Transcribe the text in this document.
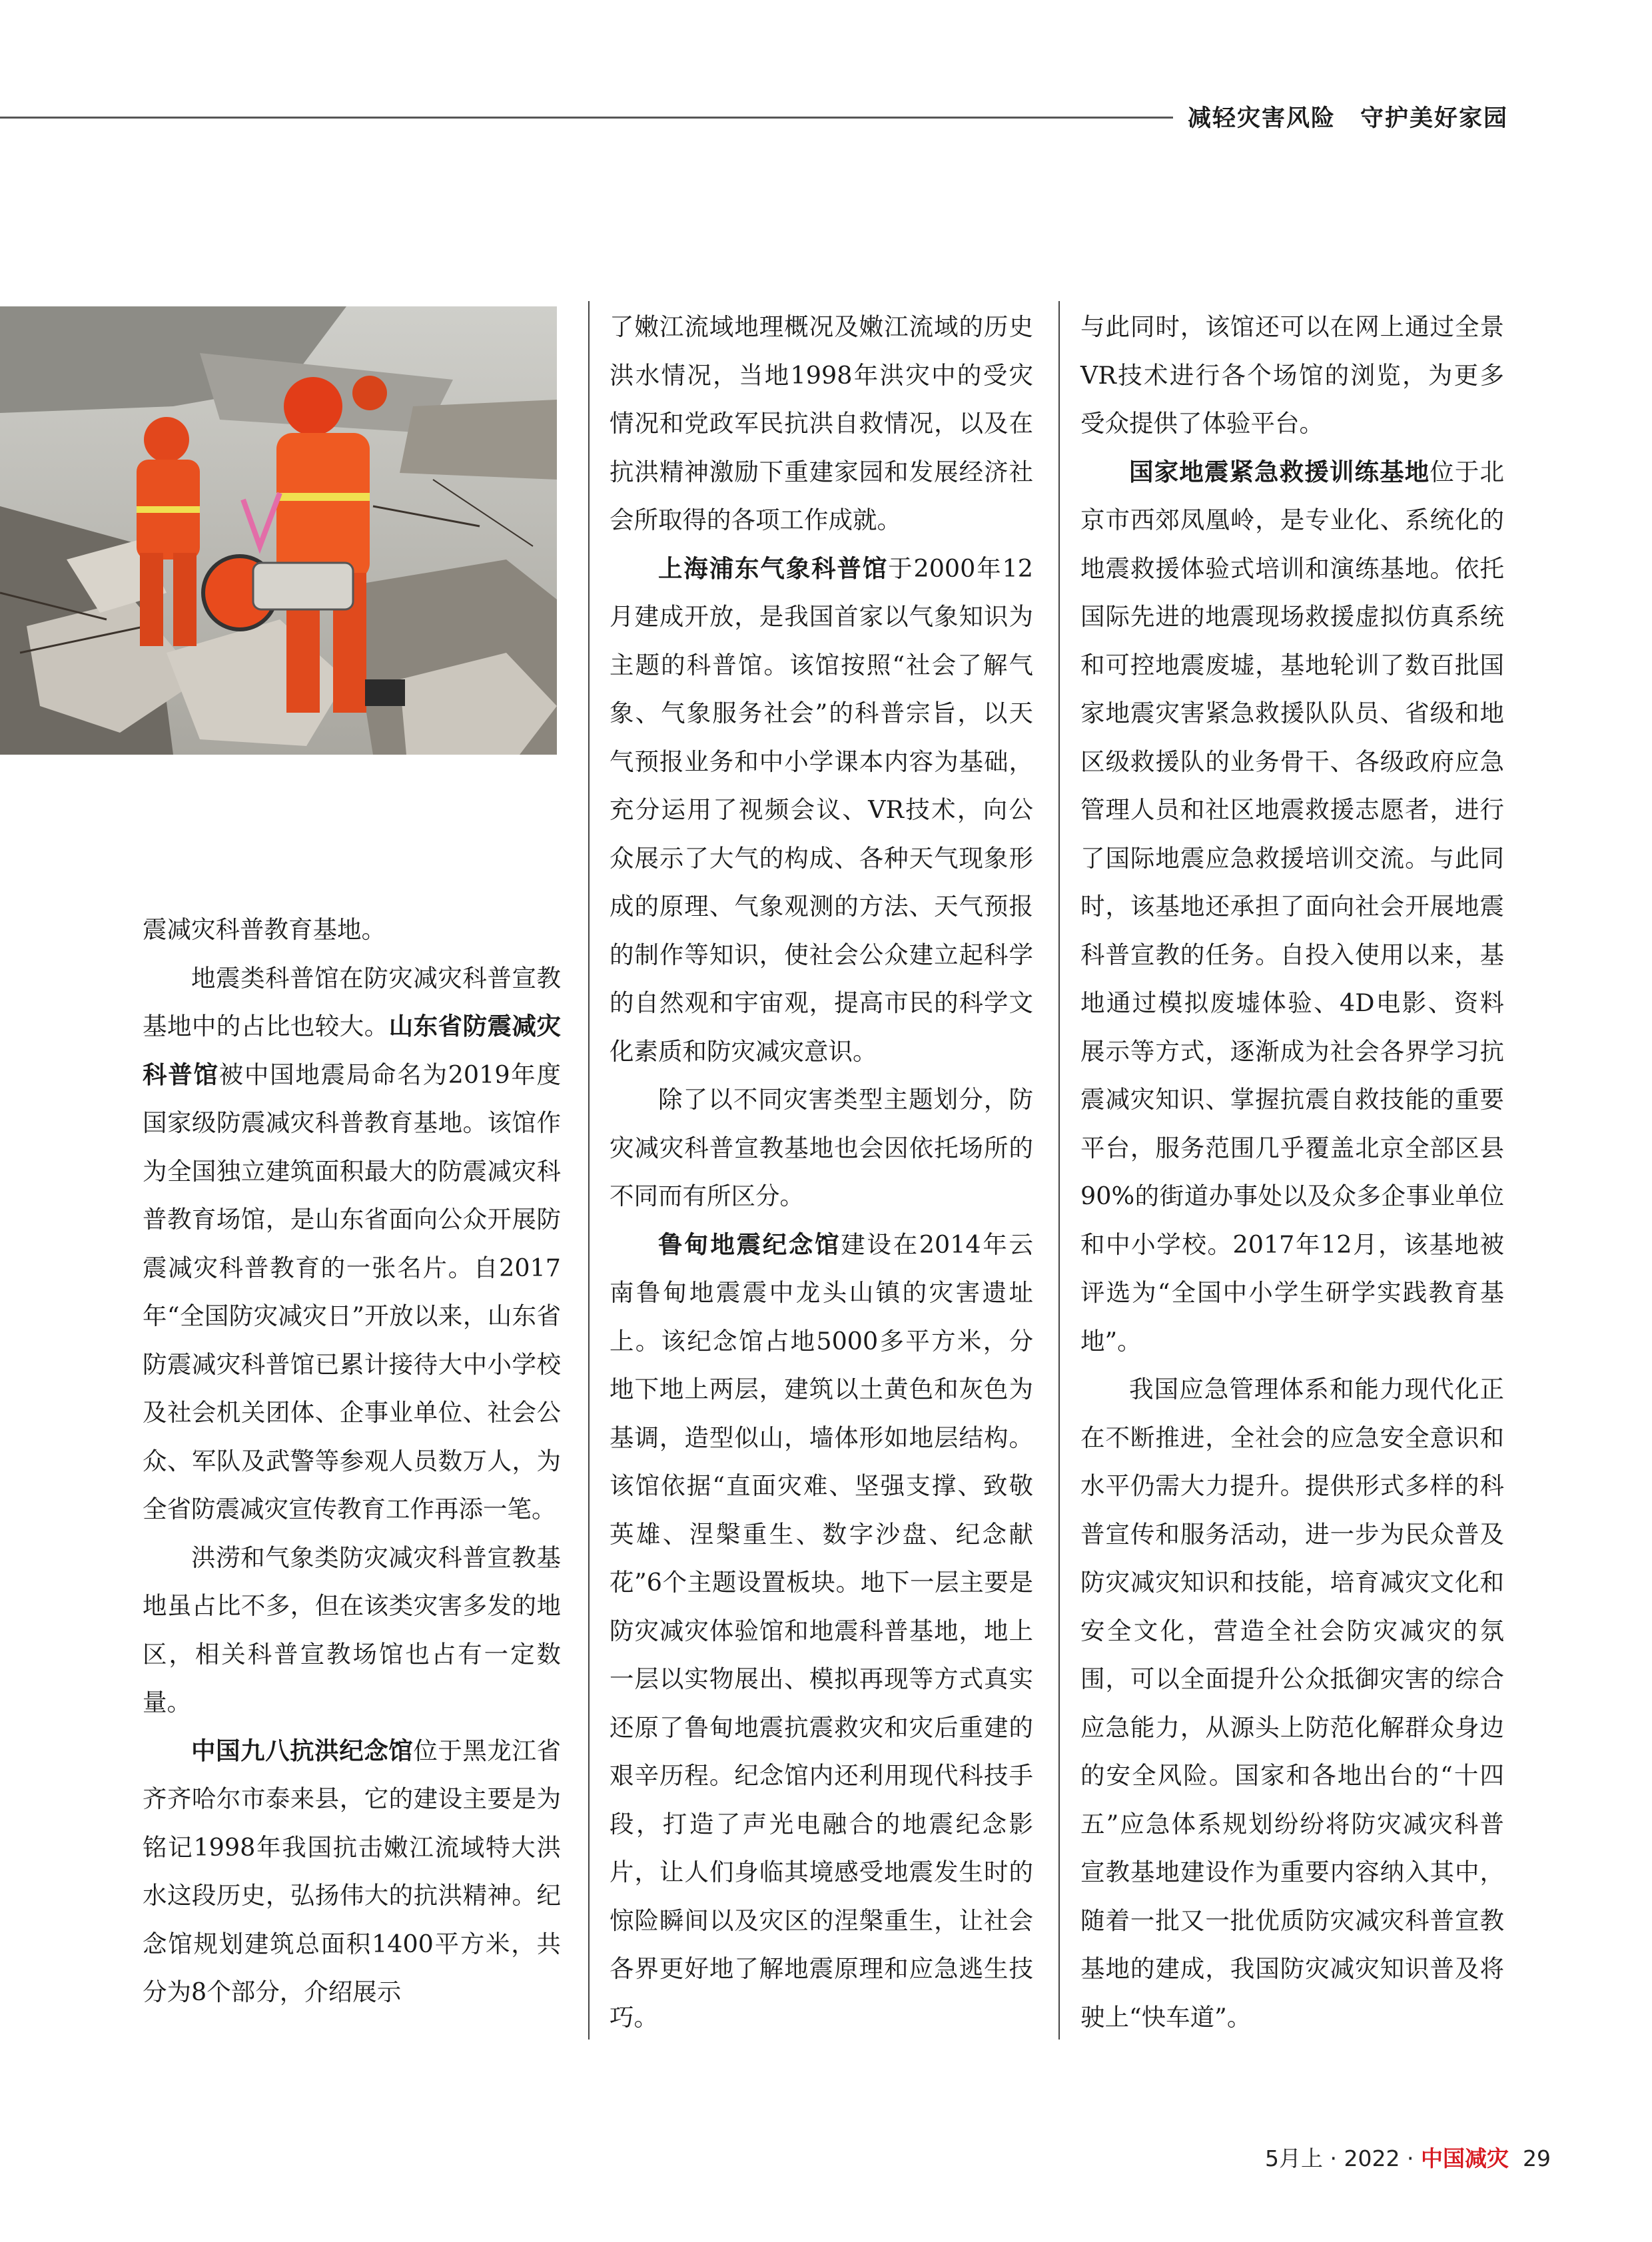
减轻灾害风险　守护美好家园

震减灾科普教育基地。

地震类科普馆在防灾减灾科普宣教基地中的占比也较大。山东省防震减灾科普馆被中国地震局命名为2019年度国家级防震减灾科普教育基地。该馆作为全国独立建筑面积最大的防震减灾科普教育场馆，是山东省面向公众开展防震减灾科普教育的一张名片。自2017年“全国防灾减灾日”开放以来，山东省防震减灾科普馆已累计接待大中小学校及社会机关团体、企事业单位、社会公众、军队及武警等参观人员数万人，为全省防震减灾宣传教育工作再添一笔。

洪涝和气象类防灾减灾科普宣教基地虽占比不多，但在该类灾害多发的地区，相关科普宣教场馆也占有一定数量。

中国九八抗洪纪念馆位于黑龙江省齐齐哈尔市泰来县，它的建设主要是为铭记1998年我国抗击嫩江流域特大洪水这段历史，弘扬伟大的抗洪精神。纪念馆规划建筑总面积1400平方米，共分为8个部分，介绍展示

了嫩江流域地理概况及嫩江流域的历史洪水情况，当地1998年洪灾中的受灾情况和党政军民抗洪自救情况，以及在抗洪精神激励下重建家园和发展经济社会所取得的各项工作成就。

上海浦东气象科普馆于2000年12月建成开放，是我国首家以气象知识为主题的科普馆。该馆按照“社会了解气象、气象服务社会”的科普宗旨，以天气预报业务和中小学课本内容为基础，充分运用了视频会议、VR技术，向公众展示了大气的构成、各种天气现象形成的原理、气象观测的方法、天气预报的制作等知识，使社会公众建立起科学的自然观和宇宙观，提高市民的科学文化素质和防灾减灾意识。

除了以不同灾害类型主题划分，防灾减灾科普宣教基地也会因依托场所的不同而有所区分。

鲁甸地震纪念馆建设在2014年云南鲁甸地震震中龙头山镇的灾害遗址上。该纪念馆占地5000多平方米，分地下地上两层，建筑以土黄色和灰色为基调，造型似山，墙体形如地层结构。该馆依据“直面灾难、坚强支撑、致敬英雄、涅槃重生、数字沙盘、纪念献花”6个主题设置板块。地下一层主要是防灾减灾体验馆和地震科普基地，地上一层以实物展出、模拟再现等方式真实还原了鲁甸地震抗震救灾和灾后重建的艰辛历程。纪念馆内还利用现代科技手段，打造了声光电融合的地震纪念影片，让人们身临其境感受地震发生时的惊险瞬间以及灾区的涅槃重生，让社会各界更好地了解地震原理和应急逃生技巧。

与此同时，该馆还可以在网上通过全景VR技术进行各个场馆的浏览，为更多受众提供了体验平台。

国家地震紧急救援训练基地位于北京市西郊凤凰岭，是专业化、系统化的地震救援体验式培训和演练基地。依托国际先进的地震现场救援虚拟仿真系统和可控地震废墟，基地轮训了数百批国家地震灾害紧急救援队队员、省级和地区级救援队的业务骨干、各级政府应急管理人员和社区地震救援志愿者，进行了国际地震应急救援培训交流。与此同时，该基地还承担了面向社会开展地震科普宣教的任务。自投入使用以来，基地通过模拟废墟体验、4D电影、资料展示等方式，逐渐成为社会各界学习抗震减灾知识、掌握抗震自救技能的重要平台，服务范围几乎覆盖北京全部区县90%的街道办事处以及众多企事业单位和中小学校。2017年12月，该基地被评选为“全国中小学生研学实践教育基地”。

我国应急管理体系和能力现代化正在不断推进，全社会的应急安全意识和水平仍需大力提升。提供形式多样的科普宣传和服务活动，进一步为民众普及防灾减灾知识和技能，培育减灾文化和安全文化，营造全社会防灾减灾的氛围，可以全面提升公众抵御灾害的综合应急能力，从源头上防范化解群众身边的安全风险。国家和各地出台的“十四五”应急体系规划纷纷将防灾减灾科普宣教基地建设作为重要内容纳入其中，随着一批又一批优质防灾减灾科普宣教基地的建成，我国防灾减灾知识普及将驶上“快车道”。

5月上 · 2022 · 中国减灾 29
